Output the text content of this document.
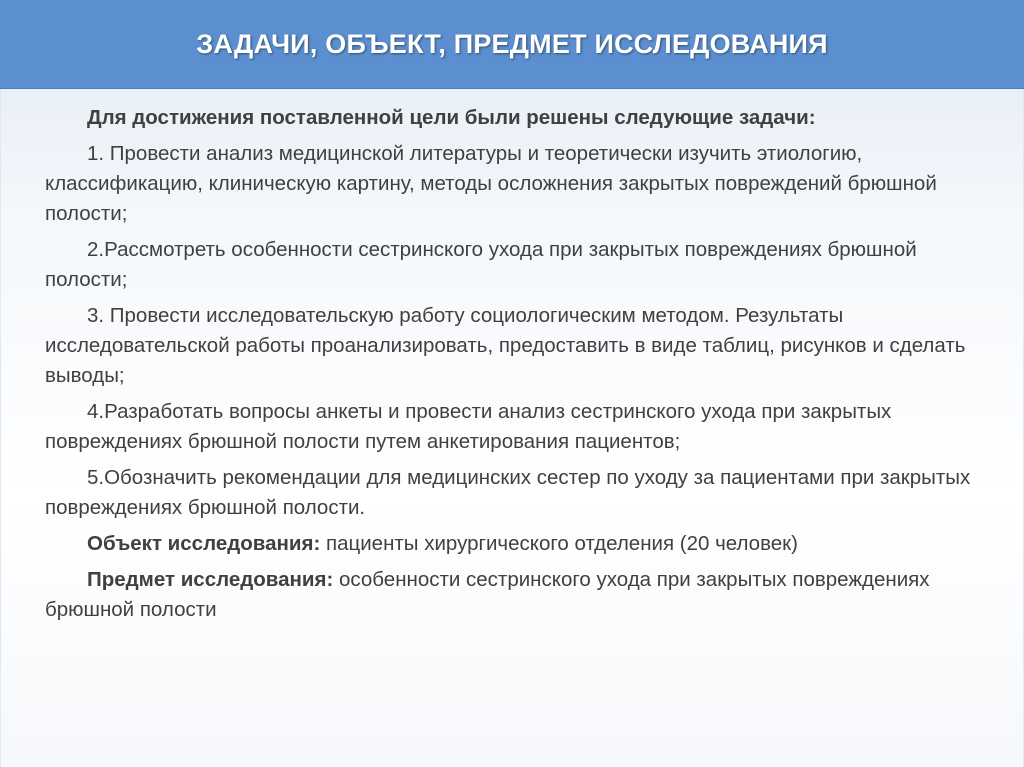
ЗАДАЧИ, ОБЪЕКТ, ПРЕДМЕТ ИССЛЕДОВАНИЯ

Для достижения поставленной цели были решены следующие задачи:

1. Провести анализ медицинской литературы и теоретически изучить этиологию, классификацию, клиническую картину, методы осложнения закрытых повреждений брюшной полости;

2.Рассмотреть особенности сестринского ухода при закрытых повреждениях брюшной полости;

3. Провести исследовательскую работу социологическим методом. Результаты исследовательской работы проанализировать, предоставить в виде таблиц, рисунков и сделать выводы;

4.Разработать вопросы анкеты и провести анализ сестринского ухода при закрытых повреждениях брюшной полости путем анкетирования пациентов;

5.Обозначить рекомендации для медицинских сестер по уходу за пациентами при закрытых повреждениях брюшной полости.

Объект исследования: пациенты хирургического отделения (20 человек)

Предмет исследования: особенности сестринского ухода при закрытых повреждениях брюшной полости
